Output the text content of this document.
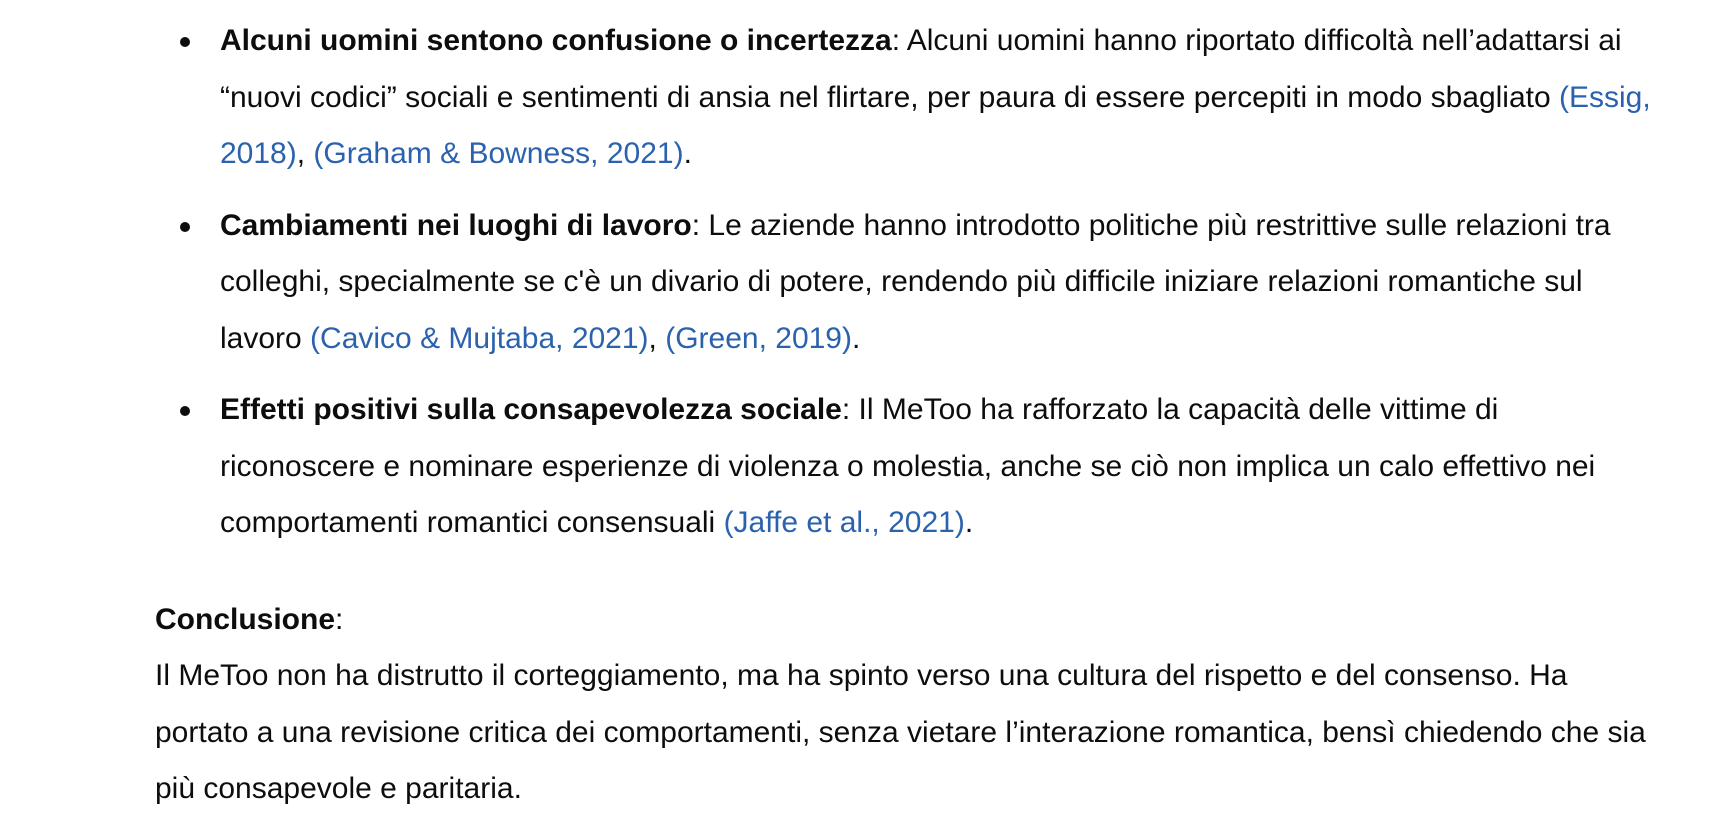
Alcuni uomini sentono confusione o incertezza: Alcuni uomini hanno riportato difficoltà nell’adattarsi ai “nuovi codici” sociali e sentimenti di ansia nel flirtare, per paura di essere percepiti in modo sbagliato (Essig, 2018), (Graham & Bowness, 2021).
Cambiamenti nei luoghi di lavoro: Le aziende hanno introdotto politiche più restrittive sulle relazioni tra colleghi, specialmente se c'è un divario di potere, rendendo più difficile iniziare relazioni romantiche sul lavoro (Cavico & Mujtaba, 2021), (Green, 2019).
Effetti positivi sulla consapevolezza sociale: Il MeToo ha rafforzato la capacità delle vittime di riconoscere e nominare esperienze di violenza o molestia, anche se ciò non implica un calo effettivo nei comportamenti romantici consensuali (Jaffe et al., 2021).
Conclusione:

Il MeToo non ha distrutto il corteggiamento, ma ha spinto verso una cultura del rispetto e del consenso. Ha portato a una revisione critica dei comportamenti, senza vietare l’interazione romantica, bensì chiedendo che sia più consapevole e paritaria.
